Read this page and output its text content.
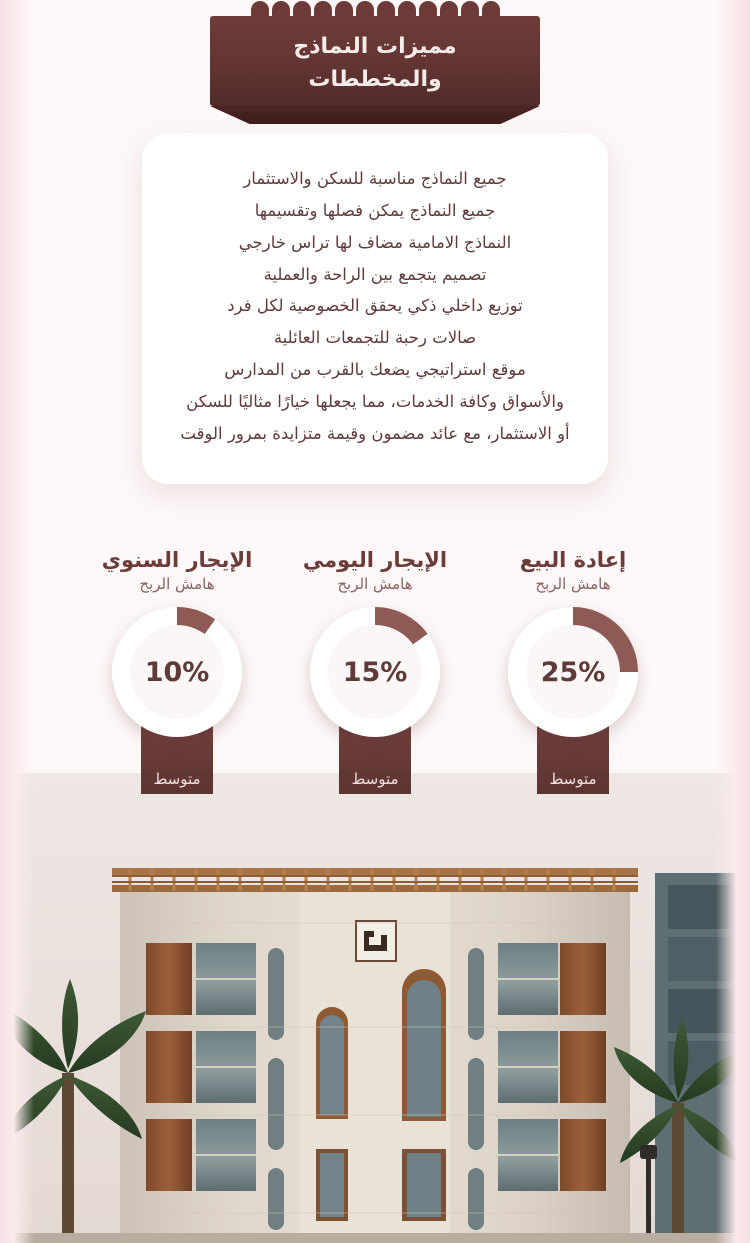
مميزات النماذج
والمخططات
جميع النماذج مناسبة للسكن والاستثمار
جميع النماذج يمكن فصلها وتقسيمها
النماذج الامامية مضاف لها تراس خارجي
تصميم يتجمع بين الراحة والعملية
توزيع داخلي ذكي يحقق الخصوصية لكل فرد
صالات رحبة للتجمعات العائلية
موقع استراتيجي يضعك بالقرب من المدارس
والأسواق وكافة الخدمات، مما يجعلها خيارًا مثاليًا للسكن
أو الاستثمار، مع عائد مضمون وقيمة متزايدة بمرور الوقت
متوسط
إعادة البيع
هامش الربح
25%
متوسط
الإيجار اليومي
هامش الربح
15%
متوسط
الإيجار السنوي
هامش الربح
10%
